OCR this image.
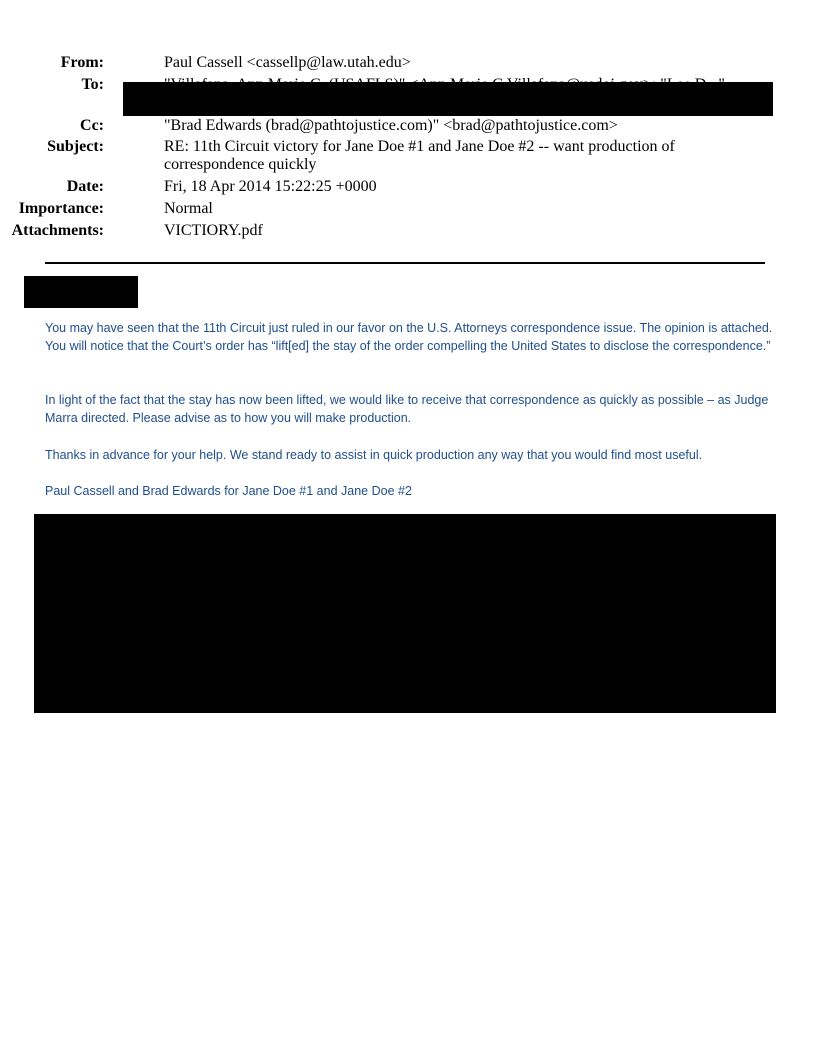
From:	Paul Cassell <cassellp@law.utah.edu>
To:
Cc:	"Brad Edwards (brad@pathtojustice.com)" <brad@pathtojustice.com>
Subject:	RE: 11th Circuit victory for Jane Doe #1 and Jane Doe #2 -- want production of correspondence quickly
Date:	Fri, 18 Apr 2014 15:22:25 +0000
Importance:	Normal
Attachments:	VICTIORY.pdf

You may have seen that the 11th Circuit just ruled in our favor on the U.S. Attorneys correspondence issue. The opinion is attached. You will notice that the Court’s order has “lift[ed] the stay of the order compelling the United States to disclose the correspondence.”

In light of the fact that the stay has now been lifted, we would like to receive that correspondence as quickly as possible – as Judge Marra directed. Please advise as to how you will make production.

Thanks in advance for your help. We stand ready to assist in quick production any way that you would find most useful.

Paul Cassell and Brad Edwards for Jane Doe #1 and Jane Doe #2
